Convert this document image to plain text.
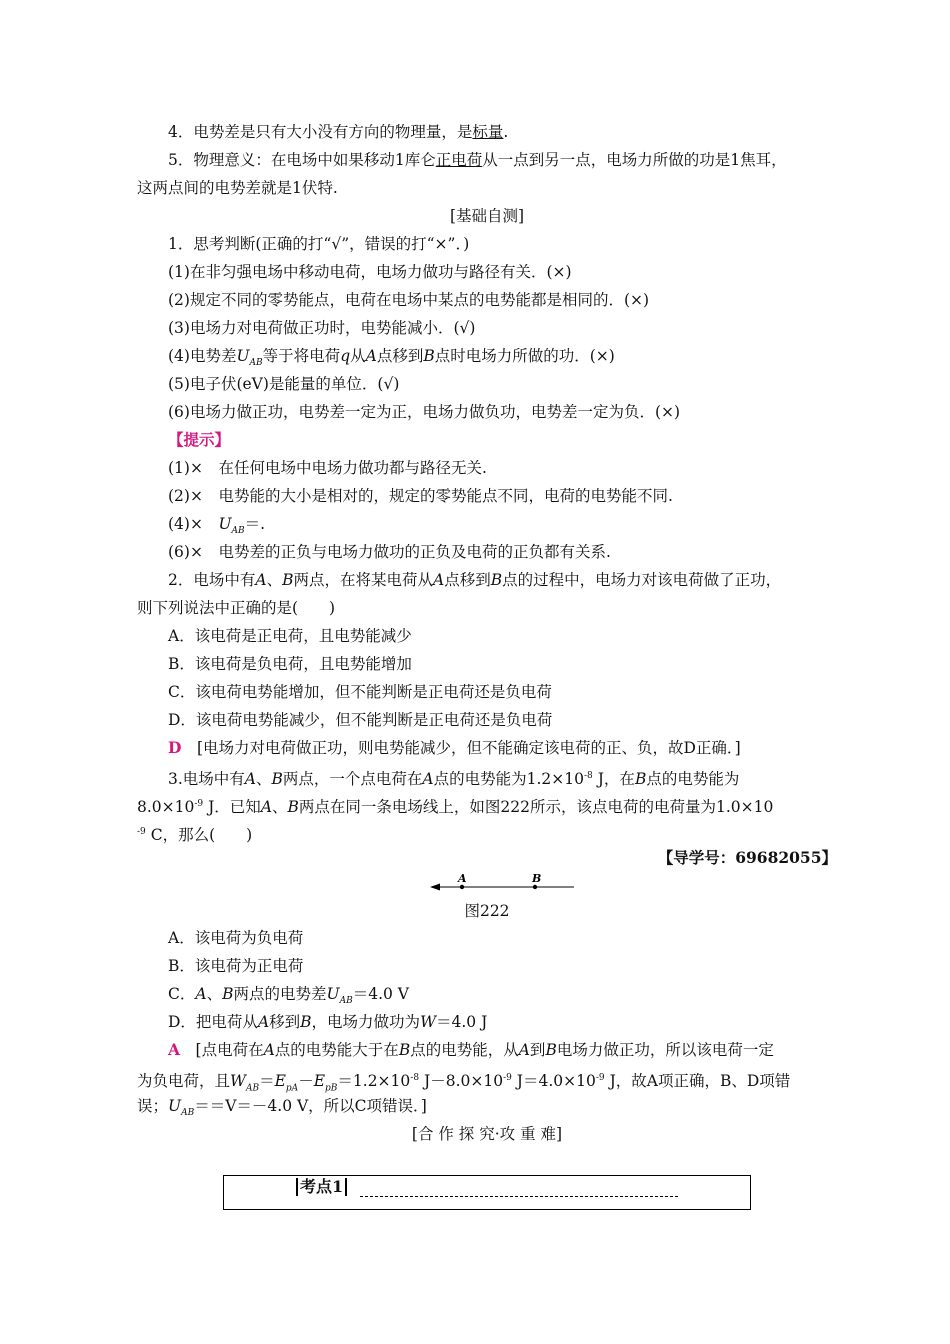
4．电势差是只有大小没有方向的物理量，是标量.
5．物理意义：在电场中如果移动1库仑正电荷从一点到另一点，电场力所做的功是1焦耳，
这两点间的电势差就是1伏特.
[基础自测]
1．思考判断(正确的打“√”，错误的打“×”．)
(1)在非匀强电场中移动电荷，电场力做功与路径有关．(×)
(2)规定不同的零势能点，电荷在电场中某点的电势能都是相同的．(×)
(3)电场力对电荷做正功时，电势能减小．(√)
(4)电势差$U_{AB}$等于将电荷q从A点移到B点时电场力所做的功．(×)
(5)电子伏(eV)是能量的单位．(√)
(6)电场力做正功，电势差一定为正，电场力做负功，电势差一定为负．(×)
【提示】
(1)×　在任何电场中电场力做功都与路径无关.
(2)×　电势能的大小是相对的，规定的零势能点不同，电荷的电势能不同.
(4)×　$U_{AB}=$.
(6)×　电势差的正负与电场力做功的正负及电荷的正负都有关系.
2．电场中有A、B两点，在将某电荷从A点移到B点的过程中，电场力对该电荷做了正功，
则下列说法中正确的是(　　)
A．该电荷是正电荷，且电势能减少
B．该电荷是负电荷，且电势能增加
C．该电荷电势能增加，但不能判断是正电荷还是负电荷
D．该电荷电势能减少，但不能判断是正电荷还是负电荷
D　[电场力对电荷做正功，则电势能减少，但不能确定该电荷的正、负，故D正确．]
3.电场中有A、B两点，一个点电荷在A点的电势能为$1.2\times 10^{-8}$ J，在B点的电势能为
$8.0\times 10^{-9}$ J．已知A、B两点在同一条电场线上，如图222所示，该点电荷的电荷量为1.0×10
$^{-9}$ C，那么(　　)
【导学号：69682055】
A	B
图222
A．该电荷为负电荷
B．该电荷为正电荷
C．A、B两点的电势差$U_{AB}=4.0$ V
D．把电荷从A移到B，电场力做功为W＝4.0 J
A　[点电荷在A点的电势能大于在B点的电势能，从A到B电场力做正功，所以该电荷一定
为负电荷，且$W_{AB}=E_{pA}-E_{pB}=1.2\times 10^{-8}$ $J-8.0\times 10^{-9}$ $J=4.0\times 10^{-9}$ J，故A项正确，B、D项错
误；$U_{AB}==V=-4.0$ V，所以C项错误．]
[合 作 探 究·攻 重 难]
考点1
